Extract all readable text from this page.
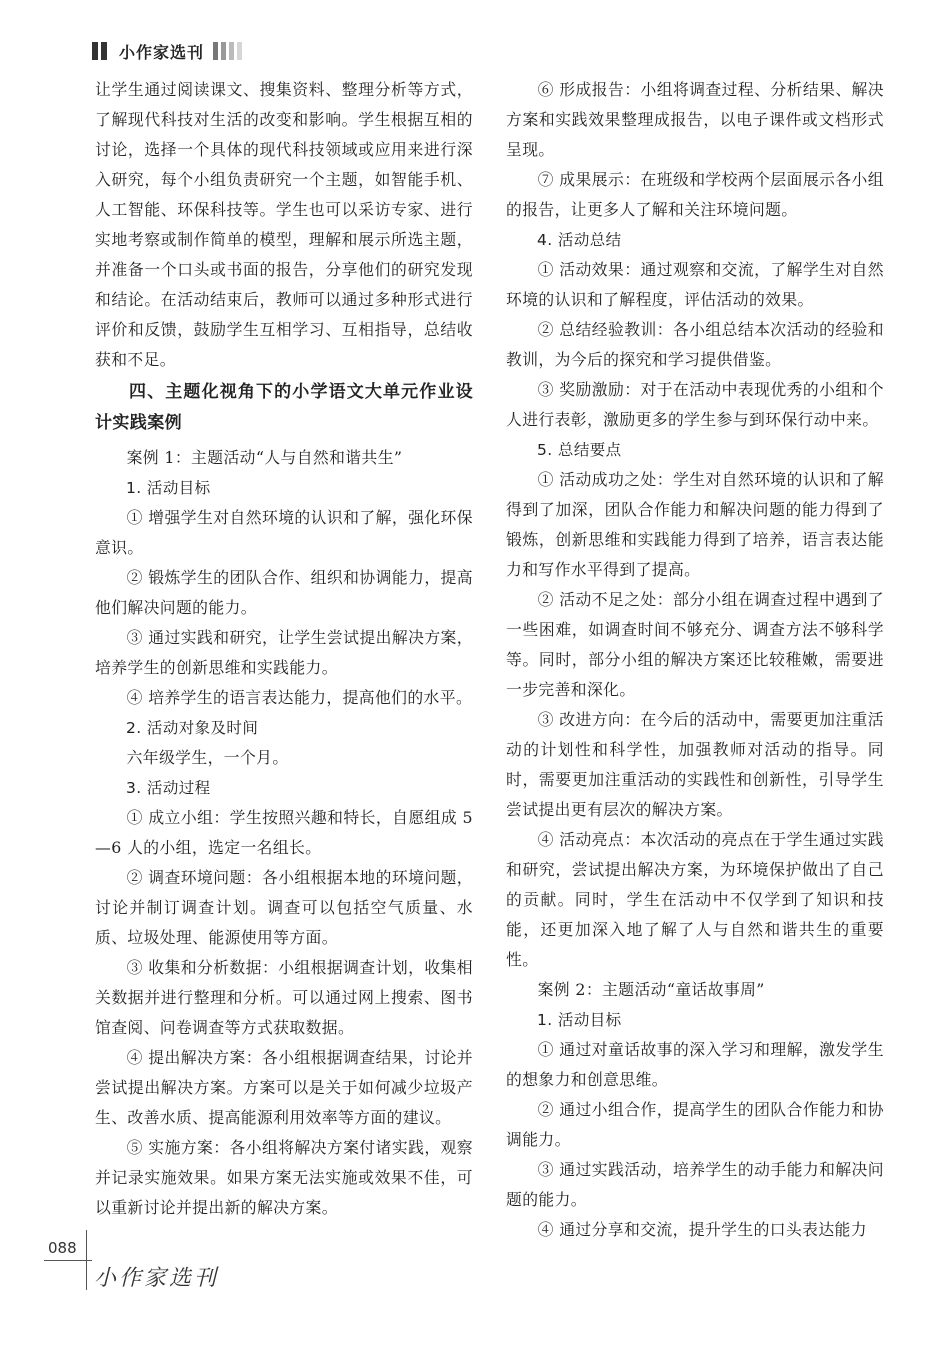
小作家选刊

让学生通过阅读课文、搜集资料、整理分析等方式，了解现代科技对生活的改变和影响。学生根据互相的讨论，选择一个具体的现代科技领域或应用来进行深入研究，每个小组负责研究一个主题，如智能手机、人工智能、环保科技等。学生也可以采访专家、进行实地考察或制作简单的模型，理解和展示所选主题，并准备一个口头或书面的报告，分享他们的研究发现和结论。在活动结束后，教师可以通过多种形式进行评价和反馈，鼓励学生互相学习、互相指导，总结收获和不足。

四、主题化视角下的小学语文大单元作业设计实践案例

案例 1：主题活动“人与自然和谐共生”

1. 活动目标

① 增强学生对自然环境的认识和了解，强化环保意识。

② 锻炼学生的团队合作、组织和协调能力，提高他们解决问题的能力。

③ 通过实践和研究，让学生尝试提出解决方案，培养学生的创新思维和实践能力。

④ 培养学生的语言表达能力，提高他们的水平。

2. 活动对象及时间

六年级学生，一个月。

3. 活动过程

① 成立小组：学生按照兴趣和特长，自愿组成 5—6 人的小组，选定一名组长。

② 调查环境问题：各小组根据本地的环境问题，讨论并制订调查计划。调查可以包括空气质量、水质、垃圾处理、能源使用等方面。

③ 收集和分析数据：小组根据调查计划，收集相关数据并进行整理和分析。可以通过网上搜索、图书馆查阅、问卷调查等方式获取数据。

④ 提出解决方案：各小组根据调查结果，讨论并尝试提出解决方案。方案可以是关于如何减少垃圾产生、改善水质、提高能源利用效率等方面的建议。

⑤ 实施方案：各小组将解决方案付诸实践，观察并记录实施效果。如果方案无法实施或效果不佳，可以重新讨论并提出新的解决方案。

⑥ 形成报告：小组将调查过程、分析结果、解决方案和实践效果整理成报告，以电子课件或文档形式呈现。

⑦ 成果展示：在班级和学校两个层面展示各小组的报告，让更多人了解和关注环境问题。

4. 活动总结

① 活动效果：通过观察和交流，了解学生对自然环境的认识和了解程度，评估活动的效果。

② 总结经验教训：各小组总结本次活动的经验和教训，为今后的探究和学习提供借鉴。

③ 奖励激励：对于在活动中表现优秀的小组和个人进行表彰，激励更多的学生参与到环保行动中来。

5. 总结要点

① 活动成功之处：学生对自然环境的认识和了解得到了加深，团队合作能力和解决问题的能力得到了锻炼，创新思维和实践能力得到了培养，语言表达能力和写作水平得到了提高。

② 活动不足之处：部分小组在调查过程中遇到了一些困难，如调查时间不够充分、调查方法不够科学等。同时，部分小组的解决方案还比较稚嫩，需要进一步完善和深化。

③ 改进方向：在今后的活动中，需要更加注重活动的计划性和科学性，加强教师对活动的指导。同时，需要更加注重活动的实践性和创新性，引导学生尝试提出更有层次的解决方案。

④ 活动亮点：本次活动的亮点在于学生通过实践和研究，尝试提出解决方案，为环境保护做出了自己的贡献。同时，学生在活动中不仅学到了知识和技能，还更加深入地了解了人与自然和谐共生的重要性。

案例 2：主题活动“童话故事周”

1. 活动目标

① 通过对童话故事的深入学习和理解，激发学生的想象力和创意思维。

② 通过小组合作，提高学生的团队合作能力和协调能力。

③ 通过实践活动，培养学生的动手能力和解决问题的能力。

④ 通过分享和交流，提升学生的口头表达能力

088
小作家选刊
